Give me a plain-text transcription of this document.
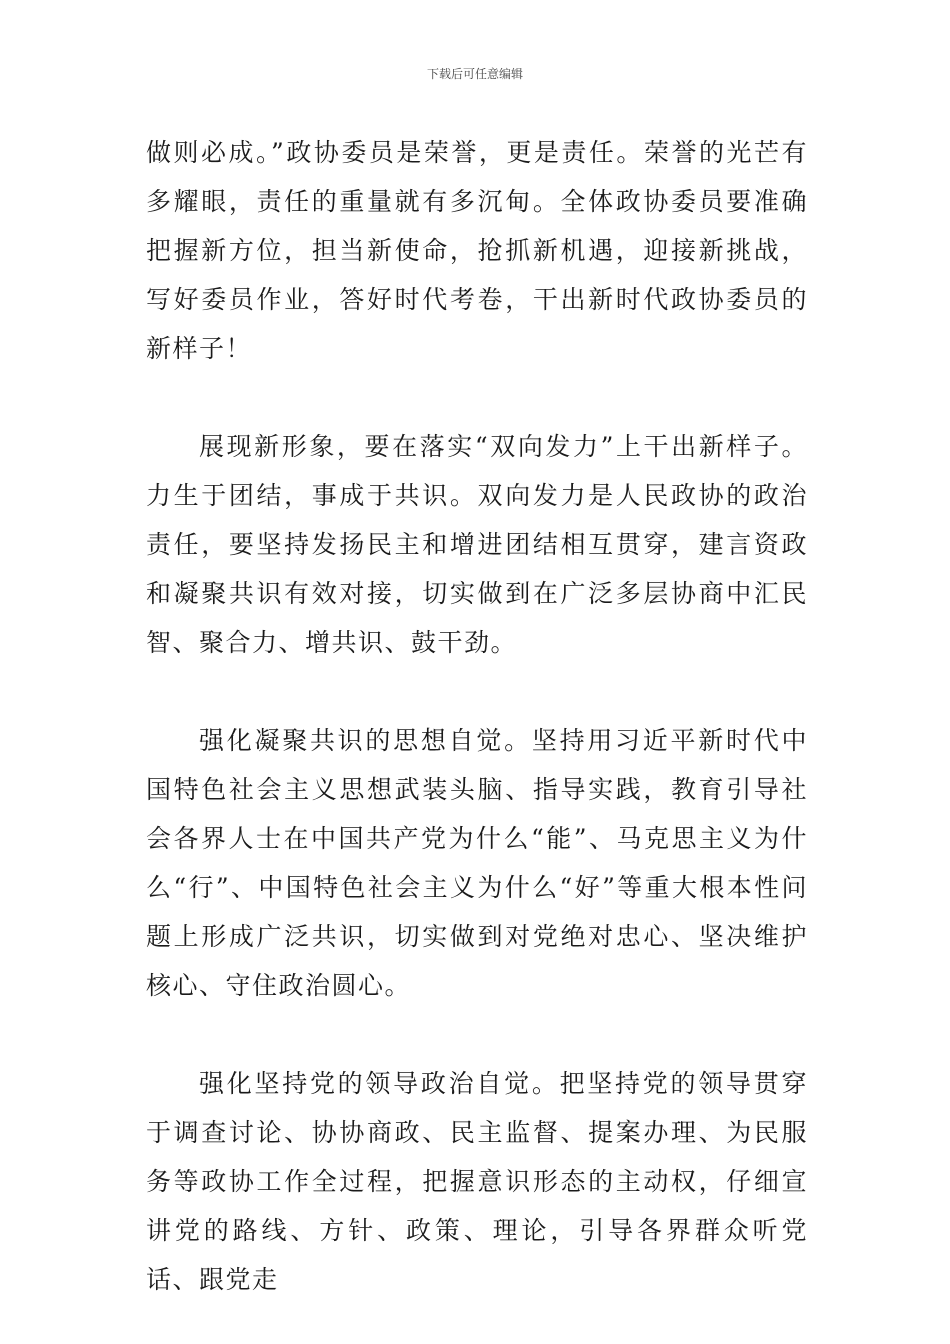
下载后可任意编辑

做则必成。”政协委员是荣誉，更是责任。荣誉的光芒有多耀眼，责任的重量就有多沉甸。全体政协委员要准确把握新方位，担当新使命，抢抓新机遇，迎接新挑战，写好委员作业，答好时代考卷，干出新时代政协委员的新样子！

展现新形象，要在落实“双向发力”上干出新样子。力生于团结，事成于共识。双向发力是人民政协的政治责任，要坚持发扬民主和增进团结相互贯穿，建言资政和凝聚共识有效对接，切实做到在广泛多层协商中汇民智、聚合力、增共识、鼓干劲。

强化凝聚共识的思想自觉。坚持用习近平新时代中国特色社会主义思想武装头脑、指导实践，教育引导社会各界人士在中国共产党为什么“能”、马克思主义为什么“行”、中国特色社会主义为什么“好”等重大根本性问题上形成广泛共识，切实做到对党绝对忠心、坚决维护核心、守住政治圆心。

强化坚持党的领导政治自觉。把坚持党的领导贯穿于调查讨论、协协商政、民主监督、提案办理、为民服务等政协工作全过程，把握意识形态的主动权，仔细宣讲党的路线、方针、政策、理论，引导各界群众听党话、跟党走
